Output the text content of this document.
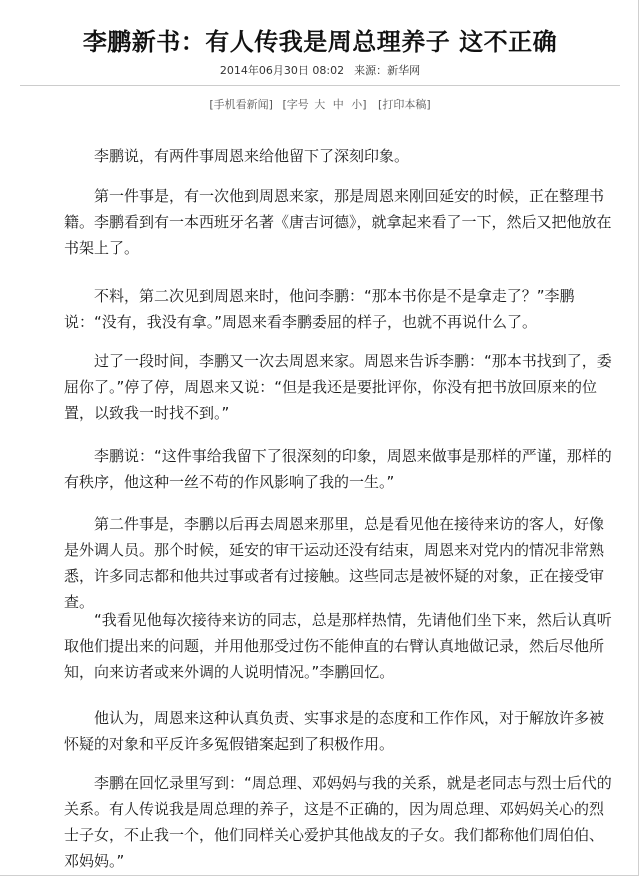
李鹏新书：有人传我是周总理养子 这不正确
2014年06月30日 08:02 来源：新华网
[手机看新闻] [字号 大 中 小] [打印本稿]

李鹏说，有两件事周恩来给他留下了深刻印象。

第一件事是，有一次他到周恩来家，那是周恩来刚回延安的时候，正在整理书籍。李鹏看到有一本西班牙名著《唐吉诃德》，就拿起来看了一下，然后又把他放在书架上了。

不料，第二次见到周恩来时，他问李鹏：“那本书你是不是拿走了？”李鹏说：“没有，我没有拿。”周恩来看李鹏委屈的样子，也就不再说什么了。

过了一段时间，李鹏又一次去周恩来家。周恩来告诉李鹏：“那本书找到了，委屈你了。”停了停，周恩来又说：“但是我还是要批评你，你没有把书放回原来的位置，以致我一时找不到。”

李鹏说：“这件事给我留下了很深刻的印象，周恩来做事是那样的严谨，那样的有秩序，他这种一丝不苟的作风影响了我的一生。”

第二件事是，李鹏以后再去周恩来那里，总是看见他在接待来访的客人，好像是外调人员。那个时候，延安的审干运动还没有结束，周恩来对党内的情况非常熟悉，许多同志都和他共过事或者有过接触。这些同志是被怀疑的对象，正在接受审查。

“我看见他每次接待来访的同志，总是那样热情，先请他们坐下来，然后认真听取他们提出来的问题，并用他那受过伤不能伸直的右臂认真地做记录，然后尽他所知，向来访者或来外调的人说明情况。”李鹏回忆。

他认为，周恩来这种认真负责、实事求是的态度和工作作风，对于解放许多被怀疑的对象和平反许多冤假错案起到了积极作用。

李鹏在回忆录里写到：“周总理、邓妈妈与我的关系，就是老同志与烈士后代的关系。有人传说我是周总理的养子，这是不正确的，因为周总理、邓妈妈关心的烈士子女，不止我一个，他们同样关心爱护其他战友的子女。我们都称他们周伯伯、邓妈妈。”
